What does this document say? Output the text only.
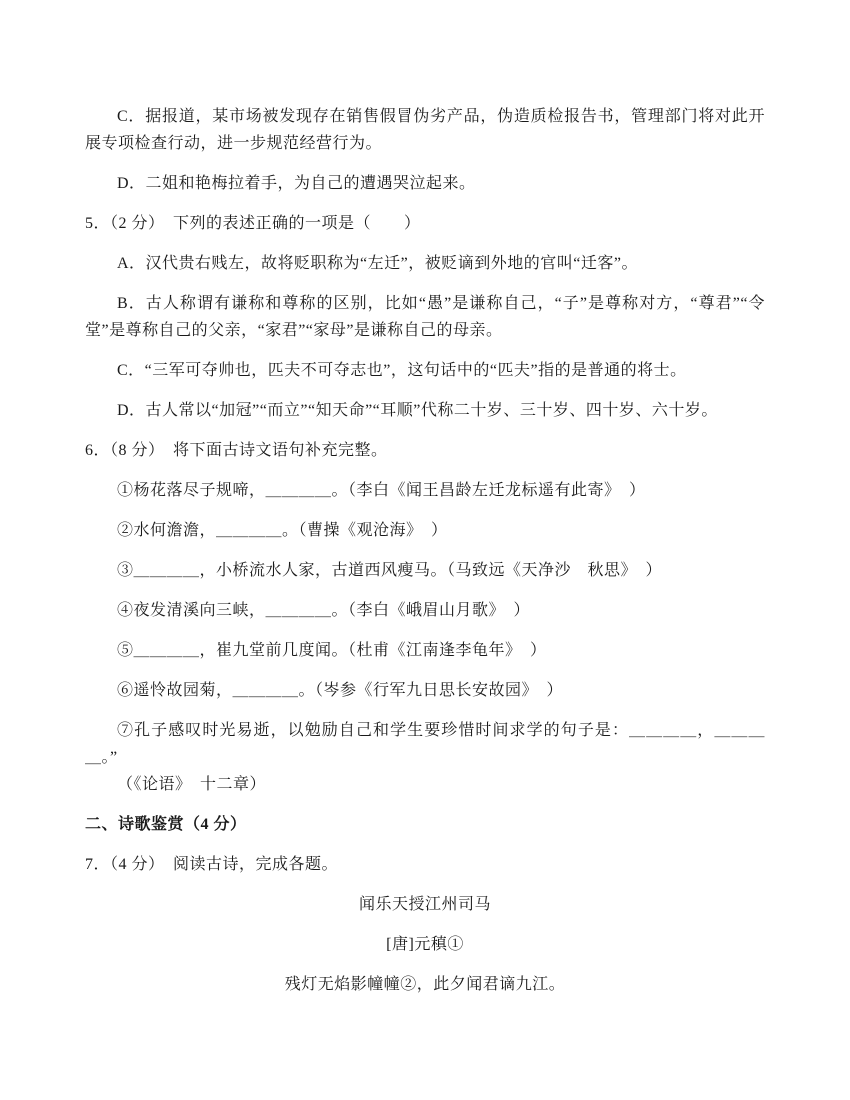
C．据报道，某市场被发现存在销售假冒伪劣产品，伪造质检报告书，管理部门将对此开展专项检查行动，进一步规范经营行为。

D．二姐和艳梅拉着手，为自己的遭遇哭泣起来。

5．（2 分）　下列的表述正确的一项是（　　）

A．汉代贵右贱左，故将贬职称为“左迁”，被贬谪到外地的官叫“迁客”。

B．古人称谓有谦称和尊称的区别，比如“愚”是谦称自己，“子”是尊称对方，“尊君”“令堂”是尊称自己的父亲，“家君”“家母”是谦称自己的母亲。

C．“三军可夺帅也，匹夫不可夺志也”，这句话中的“匹夫”指的是普通的将士。

D．古人常以“加冠”“而立”“知天命”“耳顺”代称二十岁、三十岁、四十岁、六十岁。

6．（8 分）　将下面古诗文语句补充完整。

①杨花落尽子规啼，＿＿＿＿。（李白《闻王昌龄左迁龙标遥有此寄》　）

②水何澹澹，＿＿＿＿。（曹操《观沧海》　）

③＿＿＿＿，小桥流水人家，古道西风瘦马。（马致远《天净沙　秋思》　）

④夜发清溪向三峡，＿＿＿＿。（李白《峨眉山月歌》　）

⑤＿＿＿＿，崔九堂前几度闻。（杜甫《江南逢李龟年》　）

⑥遥怜故园菊，＿＿＿＿。（岑参《行军九日思长安故园》　）

⑦孔子感叹时光易逝，以勉励自己和学生要珍惜时间求学的句子是：＿＿＿＿，＿＿＿＿。”

（《论语》　十二章）

二、诗歌鉴赏（4 分）

7．（4 分）　阅读古诗，完成各题。

闻乐天授江州司马

[唐]元稹①

残灯无焰影幢幢②，此夕闻君谪九江。
